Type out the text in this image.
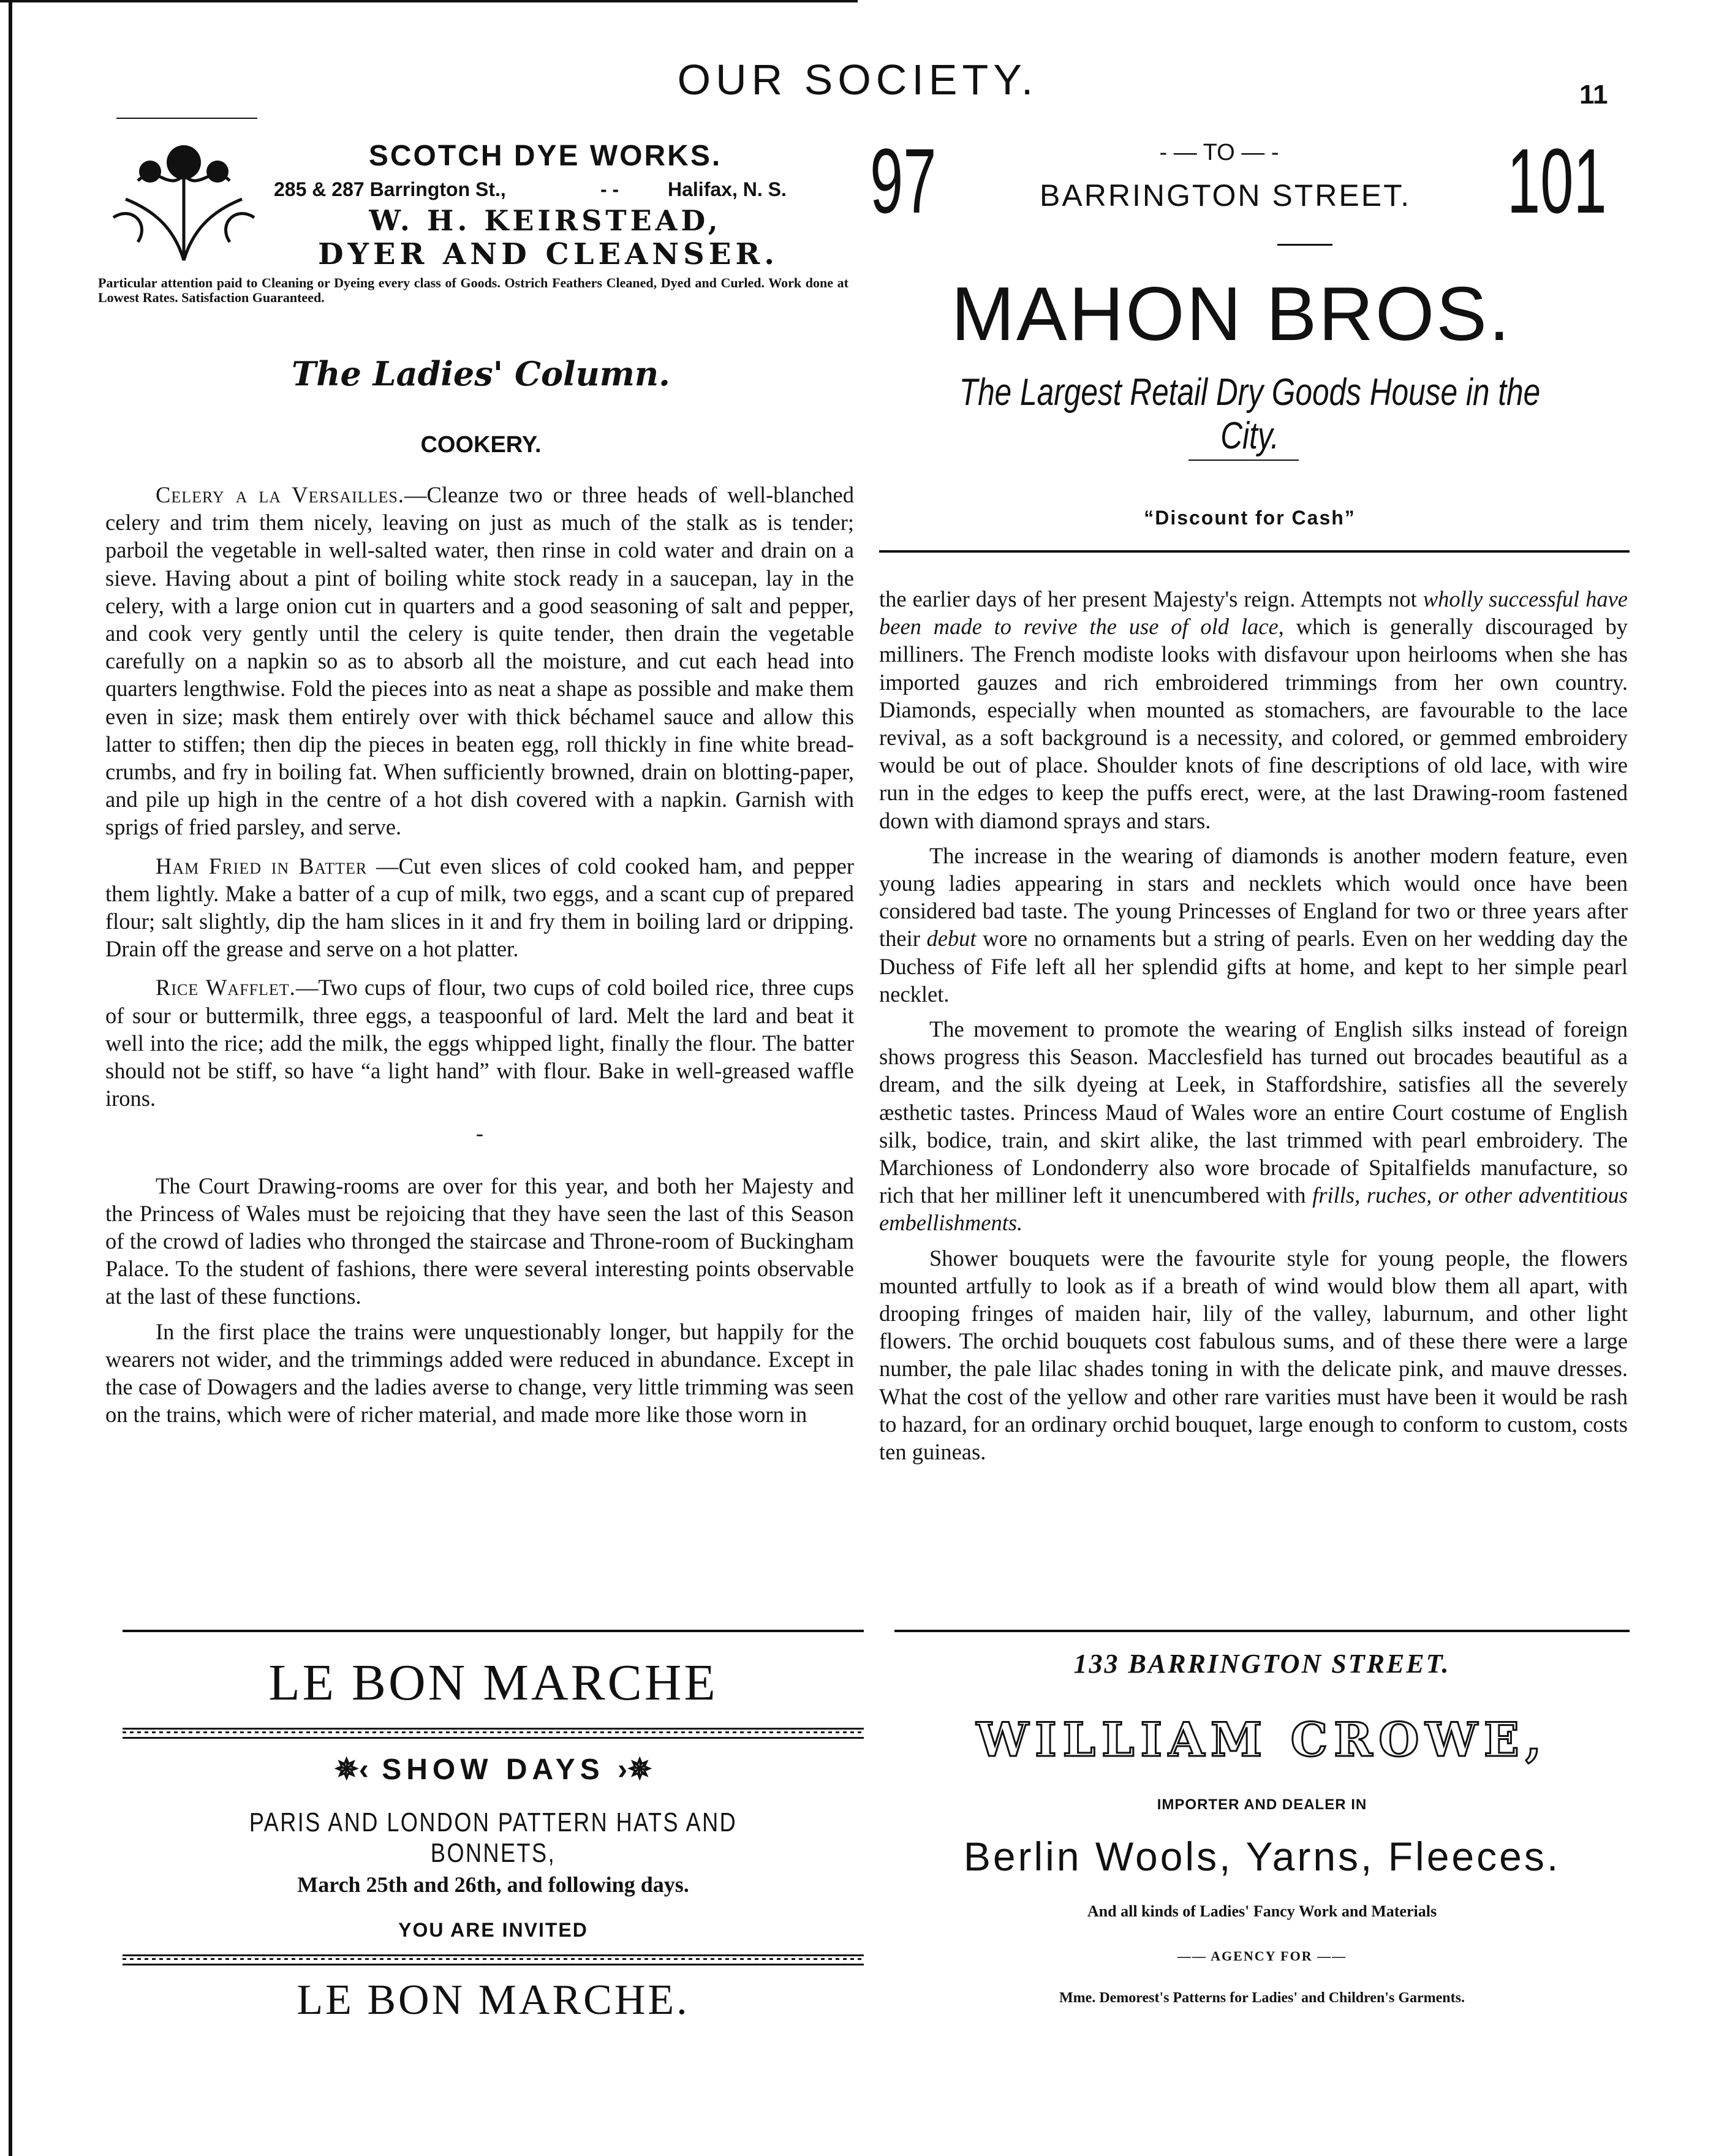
OUR SOCIETY.	11
SCOTCH DYE WORKS.
285 & 287 Barrington St.,	- - Halifax, N. S.
W. H. KEIRSTEAD,
DYER AND CLEANSER.
Particular attention paid to Cleaning or Dyeing every class of Goods. Ostrich Feathers Cleaned, Dyed and Curled. Work done at Lowest Rates. Satisfaction Guaranteed.
97	- — TO — -
BARRINGTON STREET.	101
MAHON BROS.
The Largest Retail Dry Goods House in the City.
“Discount for Cash”
The Ladies' Column.
COOKERY.

Celery a la Versailles.—Cleanze two or three heads of well-blanched celery and trim them nicely, leaving on just as much of the stalk as is tender; parboil the vegetable in well-salted water, then rinse in cold water and drain on a sieve. Having about a pint of boiling white stock ready in a saucepan, lay in the celery, with a large onion cut in quarters and a good seasoning of salt and pepper, and cook very gently until the celery is quite tender, then drain the vegetable carefully on a napkin so as to absorb all the moisture, and cut each head into quarters lengthwise. Fold the pieces into as neat a shape as possible and make them even in size; mask them entirely over with thick béchamel sauce and allow this latter to stiffen; then dip the pieces in beaten egg, roll thickly in fine white bread-crumbs, and fry in boiling fat. When sufficiently browned, drain on blotting-paper, and pile up high in the centre of a hot dish covered with a napkin. Garnish with sprigs of fried parsley, and serve.

Ham Fried in Batter —Cut even slices of cold cooked ham, and pepper them lightly. Make a batter of a cup of milk, two eggs, and a scant cup of prepared flour; salt slightly, dip the ham slices in it and fry them in boiling lard or dripping. Drain off the grease and serve on a hot platter.

Rice Wafflet.—Two cups of flour, two cups of cold boiled rice, three cups of sour or buttermilk, three eggs, a teaspoonful of lard. Melt the lard and beat it well into the rice; add the milk, the eggs whipped light, finally the flour. The batter should not be stiff, so have “a light hand” with flour. Bake in well-greased waffle irons.

-

The Court Drawing-rooms are over for this year, and both her Majesty and the Princess of Wales must be rejoicing that they have seen the last of this Season of the crowd of ladies who thronged the staircase and Throne-room of Buckingham Palace. To the student of fashions, there were several interesting points observable at the last of these functions.

In the first place the trains were unquestionably longer, but happily for the wearers not wider, and the trimmings added were reduced in abundance. Except in the case of Dowagers and the ladies averse to change, very little trimming was seen on the trains, which were of richer material, and made more like those worn in

the earlier days of her present Majesty's reign. Attempts not wholly successful have been made to revive the use of old lace, which is generally discouraged by milliners. The French modiste looks with disfavour upon heirlooms when she has imported gauzes and rich embroidered trimmings from her own country. Diamonds, especially when mounted as stomachers, are favourable to the lace revival, as a soft background is a necessity, and colored, or gemmed embroidery would be out of place. Shoulder knots of fine descriptions of old lace, with wire run in the edges to keep the puffs erect, were, at the last Drawing-room fastened down with diamond sprays and stars.

The increase in the wearing of diamonds is another modern feature, even young ladies appearing in stars and necklets which would once have been considered bad taste. The young Princesses of England for two or three years after their debut wore no ornaments but a string of pearls. Even on her wedding day the Duchess of Fife left all her splendid gifts at home, and kept to her simple pearl necklet.

The movement to promote the wearing of English silks instead of foreign shows progress this Season. Macclesfield has turned out brocades beautiful as a dream, and the silk dyeing at Leek, in Staffordshire, satisfies all the severely æsthetic tastes. Princess Maud of Wales wore an entire Court costume of English silk, bodice, train, and skirt alike, the last trimmed with pearl embroidery. The Marchioness of Londonderry also wore brocade of Spitalfields manufacture, so rich that her milliner left it unencumbered with frills, ruches, or other adventitious embellishments.

Shower bouquets were the favourite style for young people, the flowers mounted artfully to look as if a breath of wind would blow them all apart, with drooping fringes of maiden hair, lily of the valley, laburnum, and other light flowers. The orchid bouquets cost fabulous sums, and of these there were a large number, the pale lilac shades toning in with the delicate pink, and mauve dresses. What the cost of the yellow and other rare varities must have been it would be rash to hazard, for an ordinary orchid bouquet, large enough to conform to custom, costs ten guineas.

LE BON MARCHE
✵‹ SHOW DAYS ›✵
PARIS AND LONDON PATTERN HATS AND BONNETS,
March 25th and 26th, and following days.
YOU ARE INVITED
LE BON MARCHE.
133 BARRINGTON STREET.
WILLIAM CROWE,
IMPORTER AND DEALER IN
Berlin Wools, Yarns, Fleeces.
And all kinds of Ladies' Fancy Work and Materials
—— AGENCY FOR ——
Mme. Demorest's Patterns for Ladies' and Children's Garments.
